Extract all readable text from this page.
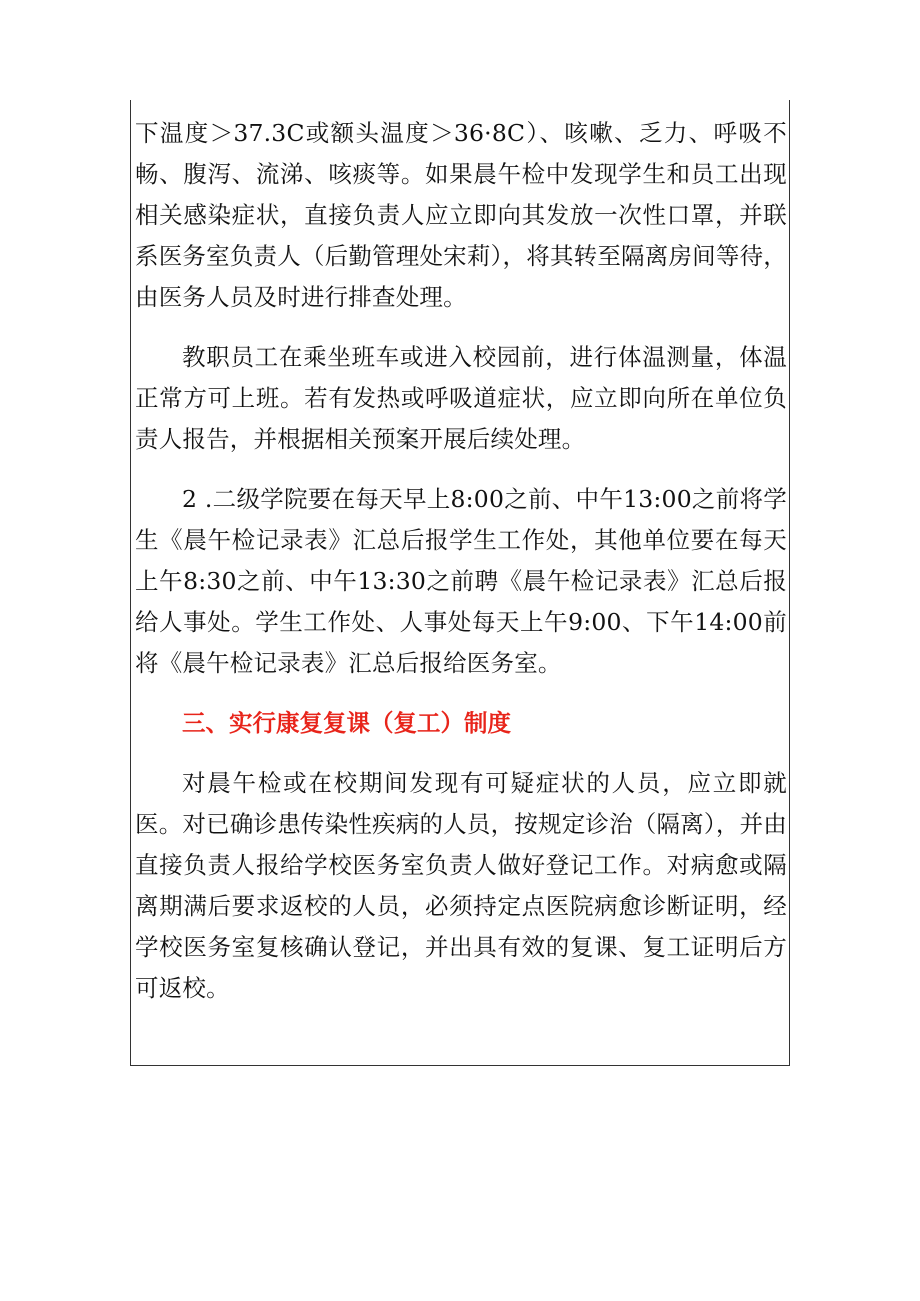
下温度＞37.3C或额头温度＞36·8C）、咳嗽、乏力、呼吸不畅、腹泻、流涕、咳痰等。如果晨午检中发现学生和员工出现相关感染症状，直接负责人应立即向其发放一次性口罩，并联系医务室负责人（后勤管理处宋莉），将其转至隔离房间等待，由医务人员及时进行排查处理。

教职员工在乘坐班车或进入校园前，进行体温测量，体温正常方可上班。若有发热或呼吸道症状，应立即向所在单位负责人报告，并根据相关预案开展后续处理。

2 .二级学院要在每天早上8:00之前、中午13:00之前将学生《晨午检记录表》汇总后报学生工作处，其他单位要在每天上午8:30之前、中午13:30之前聘《晨午检记录表》汇总后报给人事处。学生工作处、人事处每天上午9:00、下午14:00前将《晨午检记录表》汇总后报给医务室。

三、实行康复复课（复工）制度

对晨午检或在校期间发现有可疑症状的人员，应立即就医。对已确诊患传染性疾病的人员，按规定诊治（隔离），并由直接负责人报给学校医务室负责人做好登记工作。对病愈或隔离期满后要求返校的人员，必须持定点医院病愈诊断证明，经学校医务室复核确认登记，并出具有效的复课、复工证明后方可返校。
